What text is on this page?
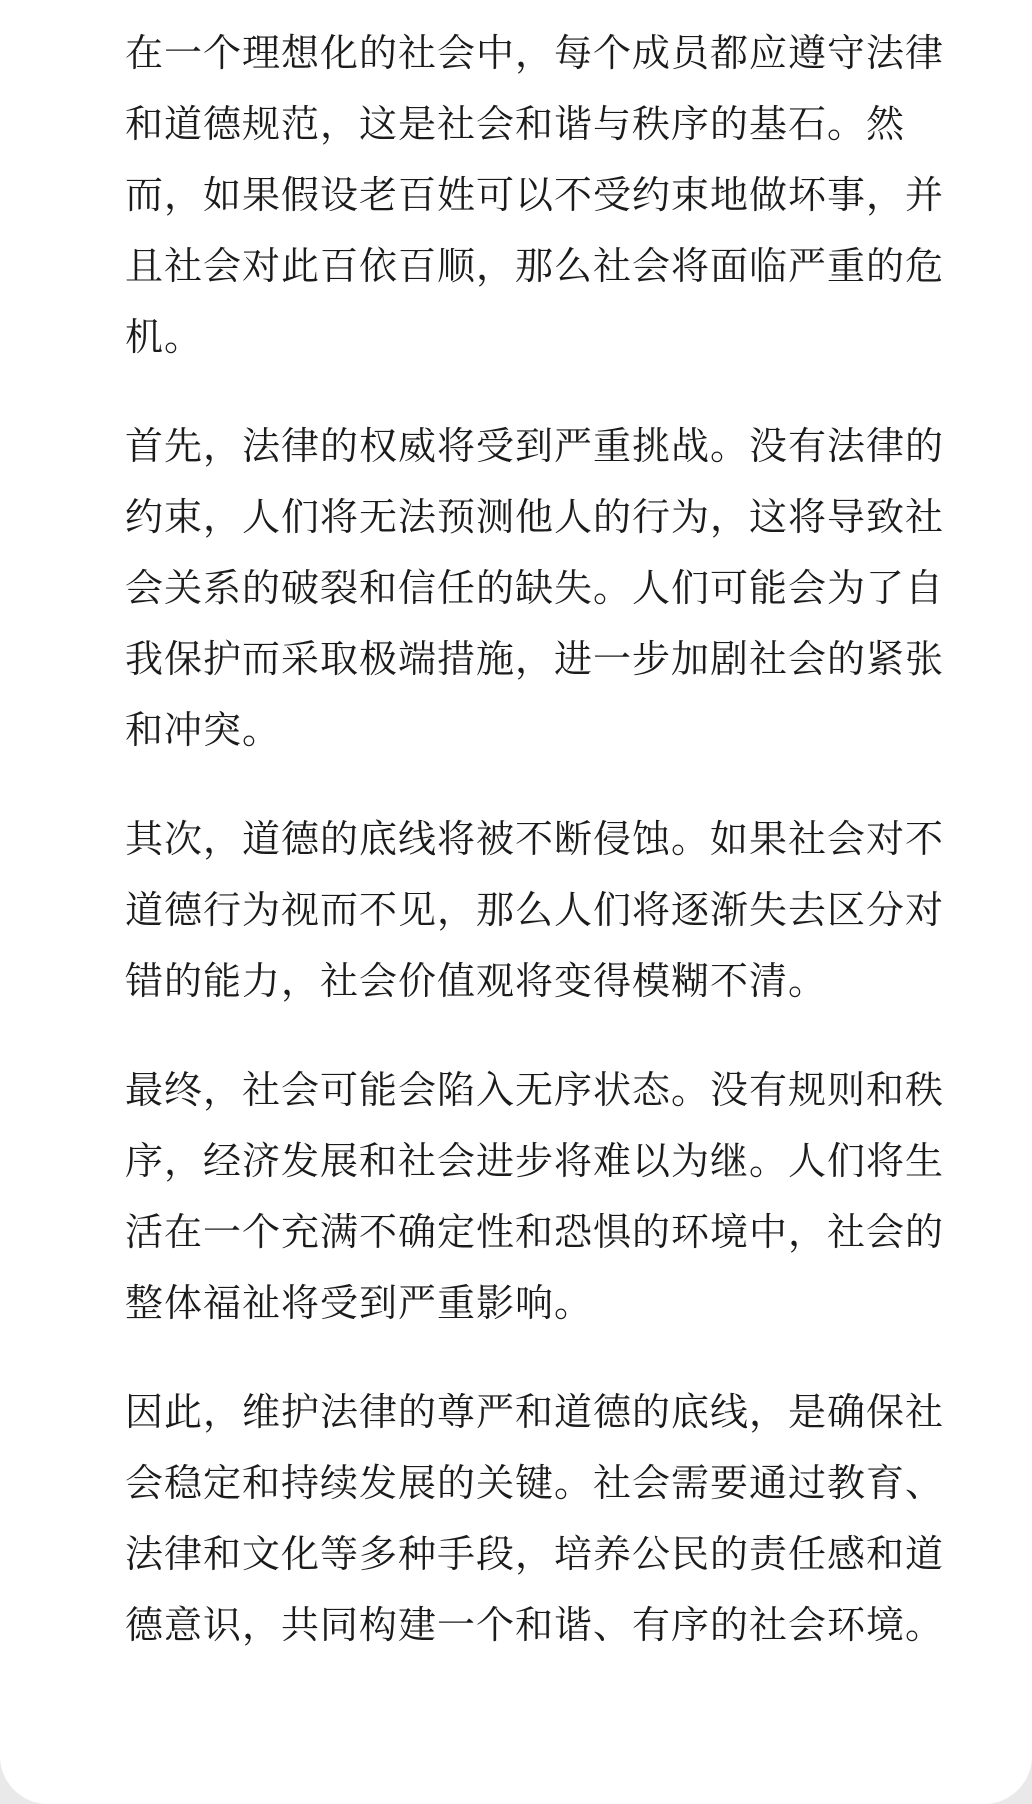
在一个理想化的社会中，每个成员都应遵守法律和道德规范，这是社会和谐与秩序的基石。然而，如果假设老百姓可以不受约束地做坏事，并且社会对此百依百顺，那么社会将面临严重的危机。

首先，法律的权威将受到严重挑战。没有法律的约束，人们将无法预测他人的行为，这将导致社会关系的破裂和信任的缺失。人们可能会为了自我保护而采取极端措施，进一步加剧社会的紧张和冲突。

其次，道德的底线将被不断侵蚀。如果社会对不道德行为视而不见，那么人们将逐渐失去区分对错的能力，社会价值观将变得模糊不清。

最终，社会可能会陷入无序状态。没有规则和秩序，经济发展和社会进步将难以为继。人们将生活在一个充满不确定性和恐惧的环境中，社会的整体福祉将受到严重影响。

因此，维护法律的尊严和道德的底线，是确保社会稳定和持续发展的关键。社会需要通过教育、法律和文化等多种手段，培养公民的责任感和道德意识，共同构建一个和谐、有序的社会环境。
